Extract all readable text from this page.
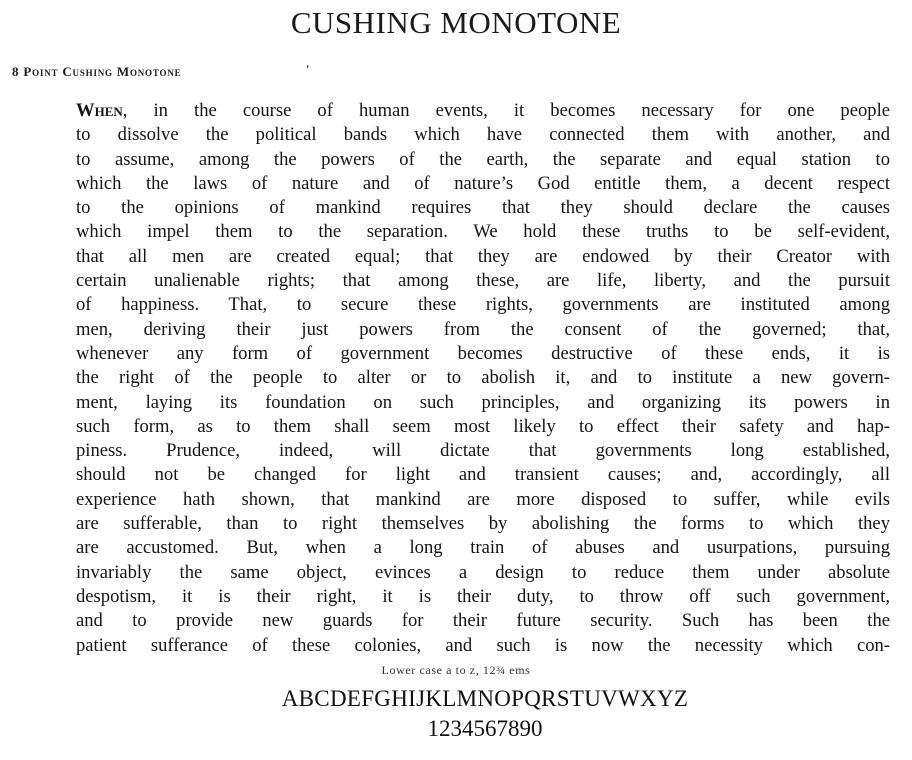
CUSHING MONOTONE
8 Point Cushing Monotone	'
When, in the course of human events, it becomes necessary for one people
to dissolve the political bands which have connected them with another, and
to assume, among the powers of the earth, the separate and equal station to
which the laws of nature and of nature’s God entitle them, a decent respect
to the opinions of mankind requires that they should declare the causes
which impel them to the separation. We hold these truths to be self-evident,
that all men are created equal; that they are endowed by their Creator with
certain unalienable rights; that among these, are life, liberty, and the pursuit
of happiness. That, to secure these rights, governments are instituted among
men, deriving their just powers from the consent of the governed; that,
whenever any form of government becomes destructive of these ends, it is
the right of the people to alter or to abolish it, and to institute a new govern-
ment, laying its foundation on such principles, and organizing its powers in
such form, as to them shall seem most likely to effect their safety and hap-
piness. Prudence, indeed, will dictate that governments long established,
should not be changed for light and transient causes; and, accordingly, all
experience hath shown, that mankind are more disposed to suffer, while evils
are sufferable, than to right themselves by abolishing the forms to which they
are accustomed. But, when a long train of abuses and usurpations, pursuing
invariably the same object, evinces a design to reduce them under absolute
despotism, it is their right, it is their duty, to throw off such government,
and to provide new guards for their future security. Such has been the
patient sufferance of these colonies, and such is now the necessity which con-
Lower case a to z, 12¾ ems
ABCDEFGHIJKLMNOPQRSTUVWXYZ
1234567890
